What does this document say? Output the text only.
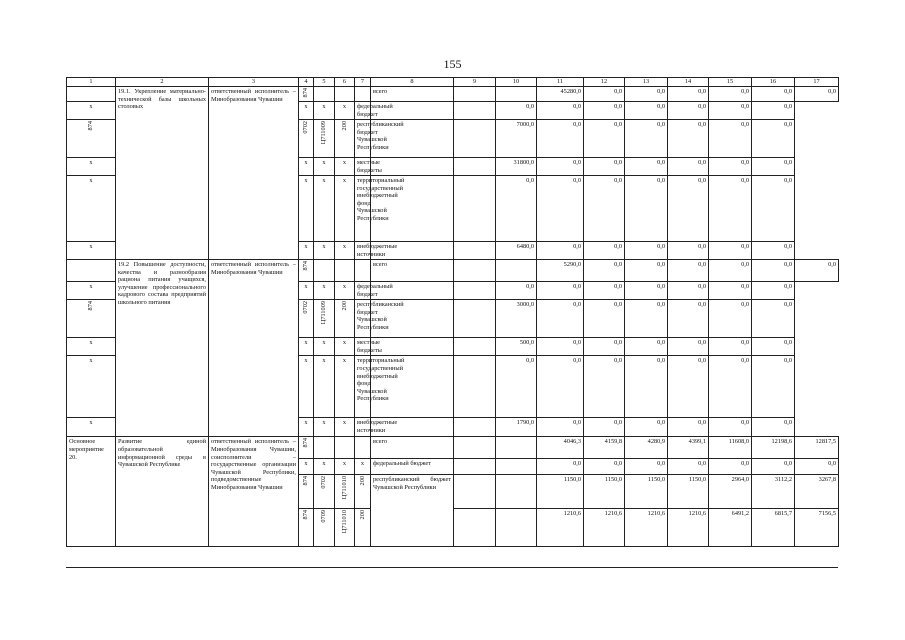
155
1	2	3	4	5	6	7	8	9	10	11	12	13	14	15	16	17
	19.1. Укрепление материально-технической базы школьных столовых	ответственный исполнитель – Минобразования Чувашии	874				всего			45280,0	0,0	0,0	0,0	0,0	0,0	0,0
х			х	х	х	федеральный бюджет			0,0	0,0	0,0	0,0	0,0	0,0	0,0	
874			0702	Ц711009	200	республиканский бюджет Чувашской Республики			7000,0	0,0	0,0	0,0	0,0	0,0	0,0	
х			х	х	х	местные бюджеты			31800,0	0,0	0,0	0,0	0,0	0,0	0,0	
х			х	х	х	территориальный государственный внебюджетный фонд Чувашской Республики			0,0	0,0	0,0	0,0	0,0	0,0	0,0	
х			х	х	х	внебюджетные источники			6480,0	0,0	0,0	0,0	0,0	0,0	0,0	
	19.2 Повышение доступности, качества и разнообразия рациона питания учащихся, улучшение профессионального кадрового состава предприятий школьного питания	ответственный исполнитель – Минобразования Чувашии	874				всего			5290,0	0,0	0,0	0,0	0,0	0,0	0,0
х			х	х	х	федеральный бюджет			0,0	0,0	0,0	0,0	0,0	0,0	0,0	
874			0702	Ц711009	200	республиканский бюджет Чувашской Республики			3000,0	0,0	0,0	0,0	0,0	0,0	0,0	
х			х	х	х	местные бюджеты			500,0	0,0	0,0	0,0	0,0	0,0	0,0	
х			х	х	х	территориальный государственный внебюджетный фонд Чувашской Республики			0,0	0,0	0,0	0,0	0,0	0,0	0,0	
х			х	х	х	внебюджетные источники			1790,0	0,0	0,0	0,0	0,0	0,0	0,0	
Основное мероприятие 20.	Развитие единой образовательной информационной среды в Чувашской Республике	ответственный исполнитель – Минобразования Чувашии, соисполнители – государственные организации Чувашской Республики, подведомственные Минобразования Чувашии	874				всего			4046,3	4159,8	4280,9	4399,1	11608,0	12198,6	12817,5
			х	х	х	х	федеральный бюджет			0,0	0,0	0,0	0,0	0,0	0,0	0,0
			874	0702	Ц711010	200	республиканский бюджет Чувашской Республики			1150,0	1150,0	1150,0	1150,0	2964,0	3112,2	3267,8
			874	0709	Ц711010	200				1210,6	1210,6	1210,6	1210,6	6491,2	6815,7	7156,5
